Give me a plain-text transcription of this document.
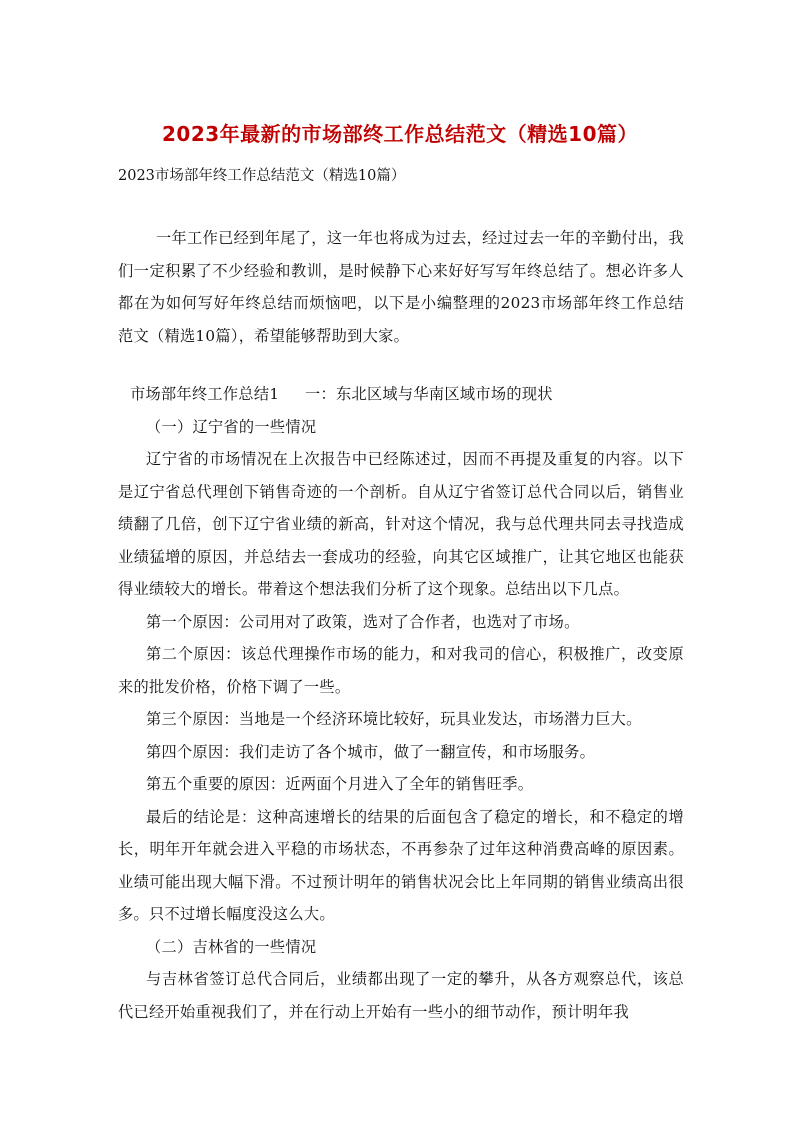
2023年最新的市场部终工作总结范文（精选10篇）
2023市场部年终工作总结范文（精选10篇）

一年工作已经到年尾了，这一年也将成为过去，经过过去一年的辛勤付出，我们一定积累了不少经验和教训，是时候静下心来好好写写年终总结了。想必许多人都在为如何写好年终总结而烦恼吧，以下是小编整理的2023市场部年终工作总结范文（精选10篇），希望能够帮助到大家。

市场部年终工作总结1     一：东北区域与华南区域市场的现状

（一）辽宁省的一些情况

辽宁省的市场情况在上次报告中已经陈述过，因而不再提及重复的内容。以下是辽宁省总代理创下销售奇迹的一个剖析。自从辽宁省签订总代合同以后，销售业绩翻了几倍，创下辽宁省业绩的新高，针对这个情况，我与总代理共同去寻找造成业绩猛增的原因，并总结去一套成功的经验，向其它区域推广，让其它地区也能获得业绩较大的增长。带着这个想法我们分析了这个现象。总结出以下几点。

第一个原因：公司用对了政策，选对了合作者，也选对了市场。

第二个原因：该总代理操作市场的能力，和对我司的信心，积极推广，改变原来的批发价格，价格下调了一些。

第三个原因：当地是一个经济环境比较好，玩具业发达，市场潜力巨大。

第四个原因：我们走访了各个城市，做了一翻宣传，和市场服务。

第五个重要的原因：近两面个月进入了全年的销售旺季。

最后的结论是：这种高速增长的结果的后面包含了稳定的增长，和不稳定的增长，明年开年就会进入平稳的市场状态，不再参杂了过年这种消费高峰的原因素。业绩可能出现大幅下滑。不过预计明年的销售状况会比上年同期的销售业绩高出很多。只不过增长幅度没这么大。

（二）吉林省的一些情况

与吉林省签订总代合同后，业绩都出现了一定的攀升，从各方观察总代，该总代已经开始重视我们了，并在行动上开始有一些小的细节动作，预计明年我
